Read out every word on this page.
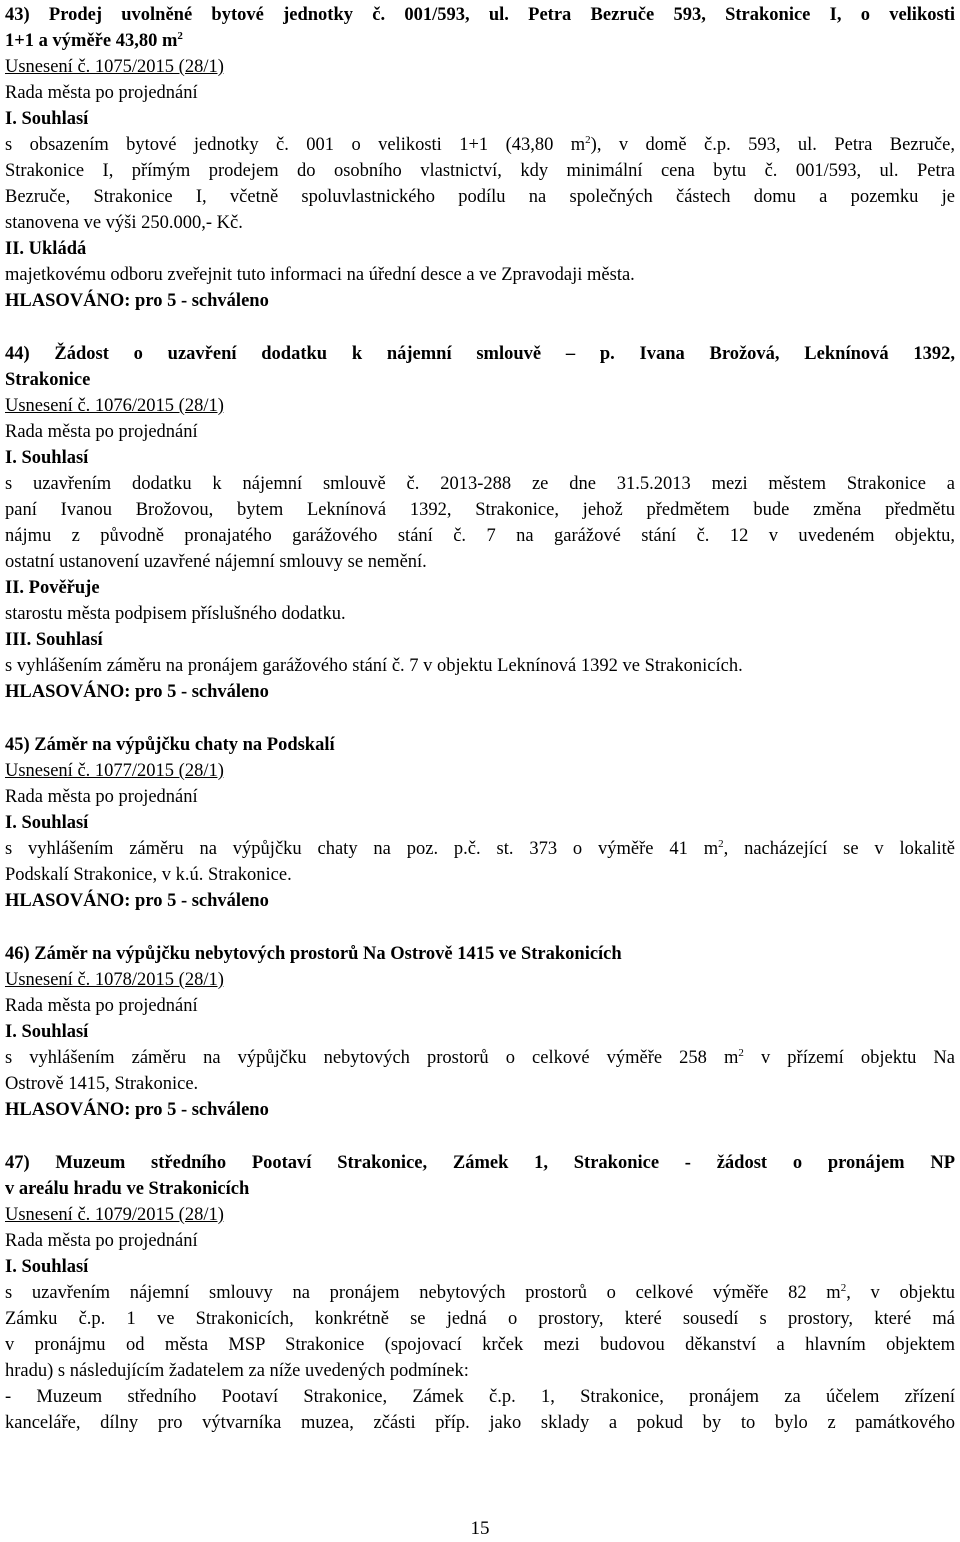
43) Prodej uvolněné bytové jednotky č. 001/593, ul. Petra Bezruče 593, Strakonice I, o velikosti
1+1 a výměře 43,80 $m^2$
Usnesení č. 1075/2015 (28/1)
Rada města po projednání
I. Souhlasí
s obsazením bytové jednotky č. 001 o velikosti 1+1 (43,80 $m^2$), v domě č.p. 593, ul. Petra Bezruče,
Strakonice I, přímým prodejem do osobního vlastnictví, kdy minimální cena bytu č. 001/593, ul. Petra
Bezruče, Strakonice I, včetně spoluvlastnického podílu na společných částech domu a pozemku je
stanovena ve výši 250.000,- Kč.
II. Ukládá
majetkovému odboru zveřejnit tuto informaci na úřední desce a ve Zpravodaji města.
HLASOVÁNO: pro 5 - schváleno
44) Žádost o uzavření dodatku k nájemní smlouvě – p. Ivana Brožová, Leknínová 1392,
Strakonice
Usnesení č. 1076/2015 (28/1)
Rada města po projednání
I. Souhlasí
s uzavřením dodatku k nájemní smlouvě č. 2013-288 ze dne 31.5.2013 mezi městem Strakonice a
paní Ivanou Brožovou, bytem Leknínová 1392, Strakonice, jehož předmětem bude změna předmětu
nájmu z původně pronajatého garážového stání č. 7 na garážové stání č. 12 v uvedeném objektu,
ostatní ustanovení uzavřené nájemní smlouvy se nemění.
II. Pověřuje
starostu města podpisem příslušného dodatku.
III. Souhlasí
s vyhlášením záměru na pronájem garážového stání č. 7 v objektu Leknínová 1392 ve Strakonicích.
HLASOVÁNO: pro 5 - schváleno
45) Záměr na výpůjčku chaty na Podskalí
Usnesení č. 1077/2015 (28/1)
Rada města po projednání
I. Souhlasí
s vyhlášením záměru na výpůjčku chaty na poz. p.č. st. 373 o výměře 41 $m^2$, nacházející se v lokalitě
Podskalí Strakonice, v k.ú. Strakonice.
HLASOVÁNO: pro 5 - schváleno
46) Záměr na výpůjčku nebytových prostorů Na Ostrově 1415 ve Strakonicích
Usnesení č. 1078/2015 (28/1)
Rada města po projednání
I. Souhlasí
s vyhlášením záměru na výpůjčku nebytových prostorů o celkové výměře 258 $m^2$ v přízemí objektu Na
Ostrově 1415, Strakonice.
HLASOVÁNO: pro 5 - schváleno
47) Muzeum středního Pootaví Strakonice, Zámek 1, Strakonice - žádost o pronájem NP
v areálu hradu ve Strakonicích
Usnesení č. 1079/2015 (28/1)
Rada města po projednání
I. Souhlasí
s uzavřením nájemní smlouvy na pronájem nebytových prostorů o celkové výměře 82 $m^2$, v objektu
Zámku č.p. 1 ve Strakonicích, konkrétně se jedná o prostory, které sousedí s prostory, které má
v pronájmu od města MSP Strakonice (spojovací krček mezi budovou děkanství a hlavním objektem
hradu) s následujícím žadatelem za níže uvedených podmínek:
- Muzeum středního Pootaví Strakonice, Zámek č.p. 1, Strakonice, pronájem za účelem zřízení
kanceláře, dílny pro výtvarníka muzea, zčásti příp. jako sklady a pokud by to bylo z památkového
15
